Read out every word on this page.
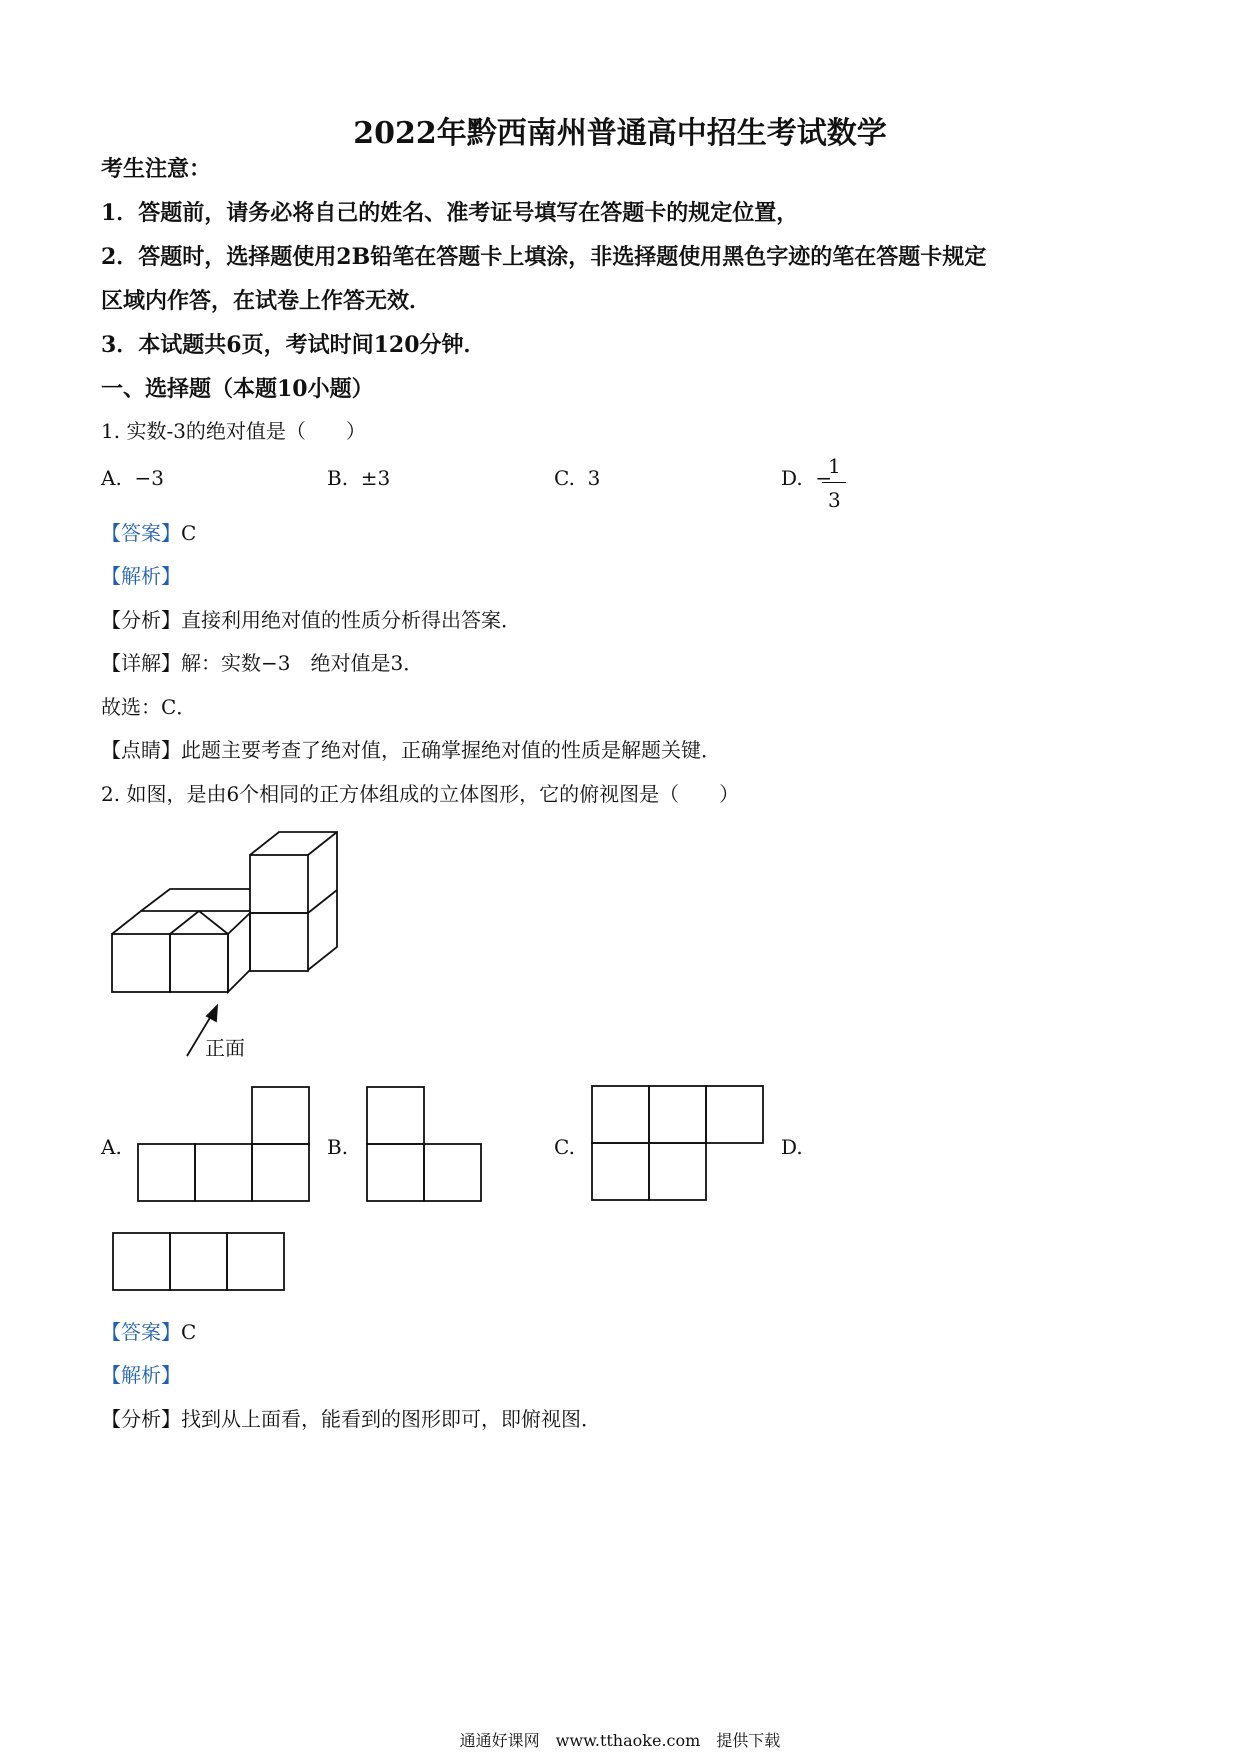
2022年黔西南州普通高中招生考试数学
考生注意：
1．答题前，请务必将自己的姓名、准考证号填写在答题卡的规定位置，
2．答题时，选择题使用2B铅笔在答题卡上填涂，非选择题使用黑色字迹的笔在答题卡规定
区域内作答，在试卷上作答无效．
3．本试题共6页，考试时间120分钟．
一、选择题（本题10小题）
1. 实数-3的绝对值是（　　）
A. −3	B. ±3	C. 3	D. −
1
3
【答案】C
【解析】
【分析】直接利用绝对值的性质分析得出答案．
【详解】解：实数−3　绝对值是3．
故选：C．
【点睛】此题主要考查了绝对值，正确掌握绝对值的性质是解题关键．
2. 如图，是由6个相同的正方体组成的立体图形，它的俯视图是（　　）
正面
A.	B.	C.	D.
【答案】C
【解析】
【分析】找到从上面看，能看到的图形即可，即俯视图．
通通好课网　www.tthaoke.com　提供下载
